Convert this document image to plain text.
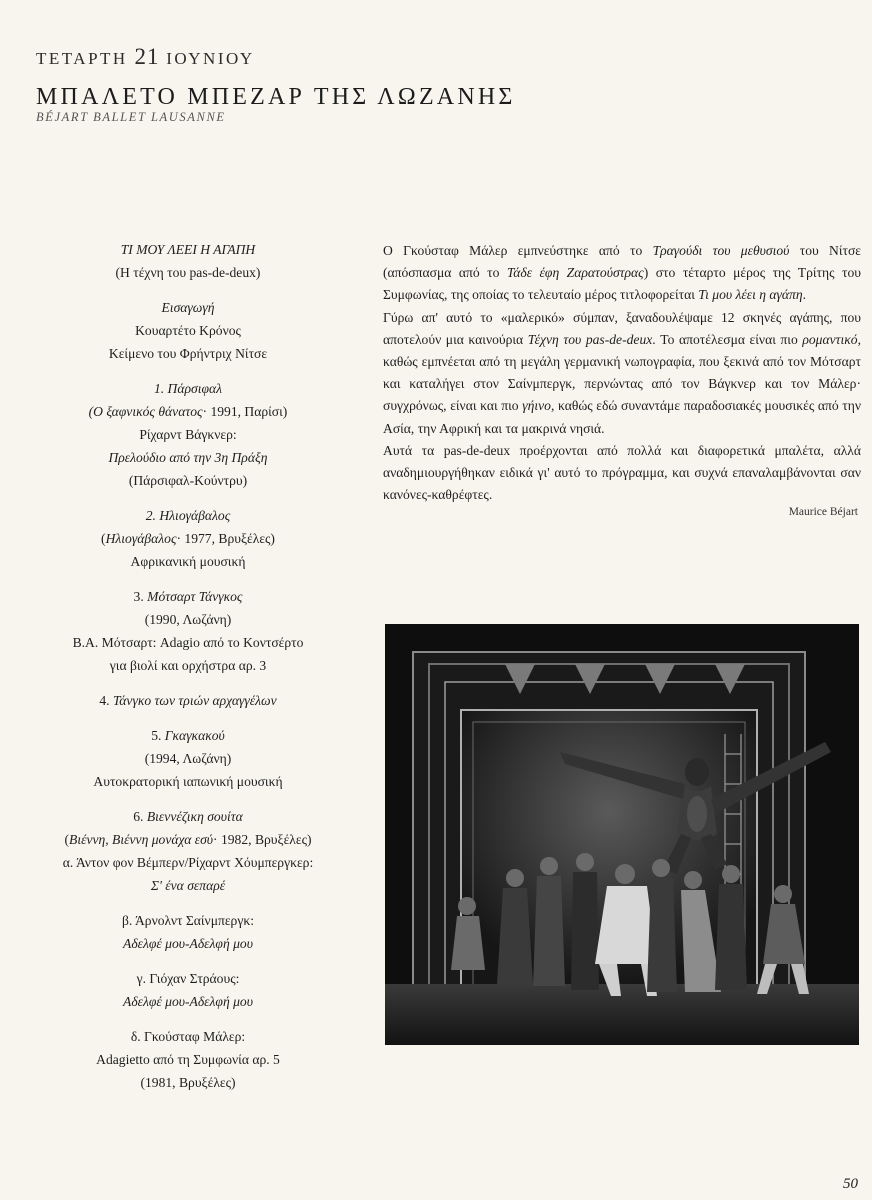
ΤΕΤΑΡΤΗ 21 ΙΟΥΝΙΟΥ
ΜΠΑΛΕΤΟ ΜΠΕΖΑΡ ΤΗΣ ΛΩΖΑΝΗΣ
BÉJART BALLET LAUSANNE
ΤΙ ΜΟΥ ΛΕΕΙ Η ΑΓΑΠΗ
(Η τέχνη του pas-de-deux)
Εισαγωγή
Κουαρτέτο Κρόνος
Κείμενο του Φρήντριχ Νίτσε
1. Πάρσιφαλ
(Ο ξαφνικός θάνατος· 1991, Παρίσι)
Ρίχαρντ Βάγκνερ:
Πρελούδιο από την 3η Πράξη
(Πάρσιφαλ-Κούντρυ)
2. Ηλιογάβαλος
(Ηλιογάβαλος· 1977, Βρυξέλες)
Αφρικανική μουσική
3. Μότσαρτ Τάνγκος
(1990, Λωζάνη)
Β.Α. Μότσαρτ: Adagio από το Κοντσέρτο
για βιολί και ορχήστρα αρ. 3
4. Τάνγκο των τριών αρχαγγέλων
5. Γκαγκακού
(1994, Λωζάνη)
Αυτοκρατορική ιαπωνική μουσική
6. Βιεννέζικη σουίτα
(Βιέννη, Βιέννη μονάχα εσύ· 1982, Βρυξέλες)
α. Άντον φον Βέμπερν/Ρίχαρντ Χόυμπεργκερ:
Σ' ένα σεπαρέ
β. Άρνολντ Σαίνμπεργκ:
Αδελφέ μου-Αδελφή μου
γ. Γιόχαν Στράους:
Αδελφέ μου-Αδελφή μου
δ. Γκούσταφ Μάλερ:
Adagietto από τη Συμφωνία αρ. 5
(1981, Βρυξέλες)

Ο Γκούσταφ Μάλερ εμπνεύστηκε από το Τραγούδι του μεθυσιού του Νίτσε (απόσπασμα από το Τάδε έφη Ζαρατούστρας) στο τέταρτο μέρος της Τρίτης του Συμφωνίας, της οποίας το τελευταίο μέρος τιτλοφορείται Τι μου λέει η αγάπη.

Γύρω απ' αυτό το «μαλερικό» σύμπαν, ξαναδουλέψαμε 12 σκηνές αγάπης, που αποτελούν μια καινούρια Τέχνη του pas-de-deux. Το αποτέλεσμα είναι πιο ρομαντικό, καθώς εμπνέεται από τη μεγάλη γερμανική νωπογραφία, που ξεκινά από τον Μότσαρτ και καταλήγει στον Σαίνμπεργκ, περνώντας από τον Βάγκνερ και τον Μάλερ· συγχρόνως, είναι και πιο γήινο, καθώς εδώ συναντάμε παραδοσιακές μουσικές από την Ασία, την Αφρική και τα μακρινά νησιά.

Αυτά τα pas-de-deux προέρχονται από πολλά και διαφορετικά μπαλέτα, αλλά αναδημιουργήθηκαν ειδικά γι' αυτό το πρόγραμμα, και συχνά επαναλαμβάνονται σαν κανόνες-καθρέφτες.

Maurice Béjart
50
